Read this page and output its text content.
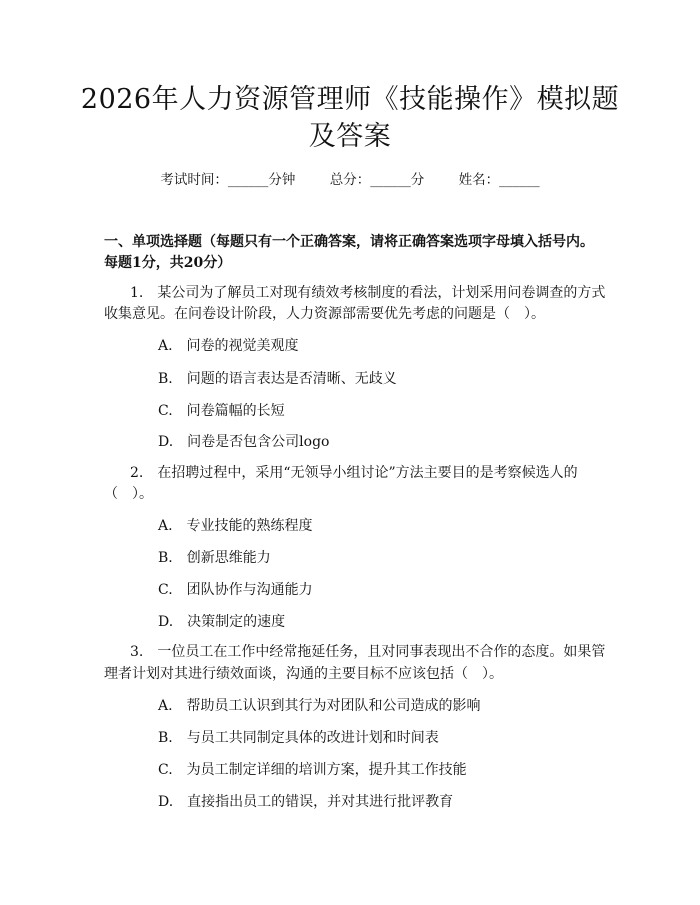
2026年人力资源管理师《技能操作》模拟题
及答案
考试时间：______分钟	总分：______分	姓名：______
一、单项选择题（每题只有一个正确答案，请将正确答案选项字母填入括号内。
每题1分，共20分）
1.　某公司为了解员工对现有绩效考核制度的看法，计划采用问卷调查的方式
收集意见。在问卷设计阶段，人力资源部需要优先考虑的问题是（　）。
A.　问卷的视觉美观度
B.　问题的语言表达是否清晰、无歧义
C.　问卷篇幅的长短
D.　问卷是否包含公司logo
2.　在招聘过程中，采用“无领导小组讨论”方法主要目的是考察候选人的
（　）。
A.　专业技能的熟练程度
B.　创新思维能力
C.　团队协作与沟通能力
D.　决策制定的速度
3.　一位员工在工作中经常拖延任务，且对同事表现出不合作的态度。如果管
理者计划对其进行绩效面谈，沟通的主要目标不应该包括（　）。
A.　帮助员工认识到其行为对团队和公司造成的影响
B.　与员工共同制定具体的改进计划和时间表
C.　为员工制定详细的培训方案，提升其工作技能
D.　直接指出员工的错误，并对其进行批评教育
